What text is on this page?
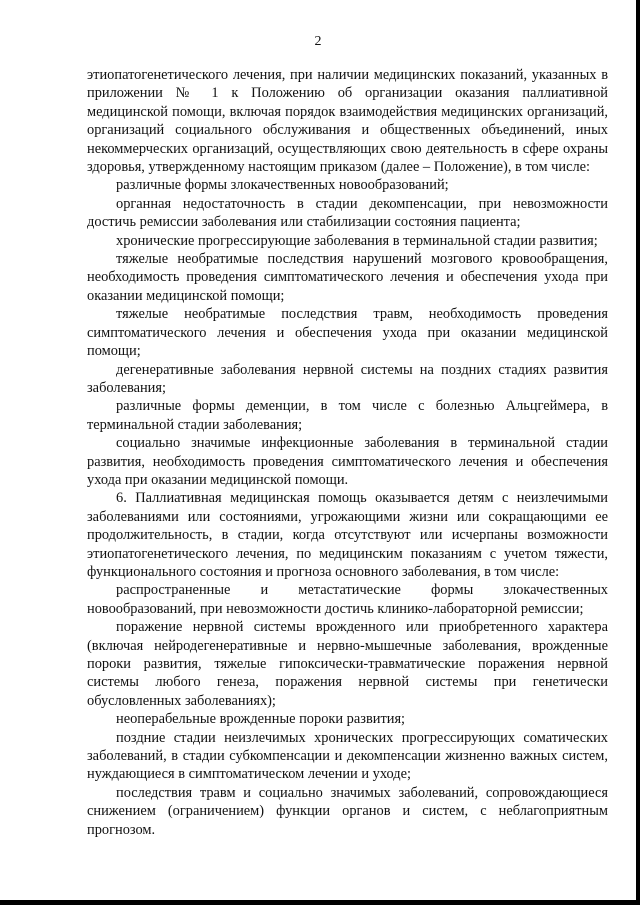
2

этиопатогенетического лечения, при наличии медицинских показаний, указанных в приложении № 1 к Положению об организации оказания паллиативной медицинской помощи, включая порядок взаимодействия медицинских организаций, организаций социального обслуживания и общественных объединений, иных некоммерческих организаций, осуществляющих свою деятельность в сфере охраны здоровья, утвержденному настоящим приказом (далее – Положение), в том числе:

различные формы злокачественных новообразований;

органная недостаточность в стадии декомпенсации, при невозможности достичь ремиссии заболевания или стабилизации состояния пациента;

хронические прогрессирующие заболевания в терминальной стадии развития;

тяжелые необратимые последствия нарушений мозгового кровообращения, необходимость проведения симптоматического лечения и обеспечения ухода при оказании медицинской помощи;

тяжелые необратимые последствия травм, необходимость проведения симптоматического лечения и обеспечения ухода при оказании медицинской помощи;

дегенеративные заболевания нервной системы на поздних стадиях развития заболевания;

различные формы деменции, в том числе с болезнью Альцгеймера, в терминальной стадии заболевания;

социально значимые инфекционные заболевания в терминальной стадии развития, необходимость проведения симптоматического лечения и обеспечения ухода при оказании медицинской помощи.

6. Паллиативная медицинская помощь оказывается детям с неизлечимыми заболеваниями или состояниями, угрожающими жизни или сокращающими ее продолжительность, в стадии, когда отсутствуют или исчерпаны возможности этиопатогенетического лечения, по медицинским показаниям с учетом тяжести, функционального состояния и прогноза основного заболевания, в том числе:

распространенные и метастатические формы злокачественных новообразований, при невозможности достичь клинико-лабораторной ремиссии;

поражение нервной системы врожденного или приобретенного характера (включая нейродегенеративные и нервно-мышечные заболевания, врожденные пороки развития, тяжелые гипоксически-травматические поражения нервной системы любого генеза, поражения нервной системы при генетически обусловленных заболеваниях);

неоперабельные врожденные пороки развития;

поздние стадии неизлечимых хронических прогрессирующих соматических заболеваний, в стадии субкомпенсации и декомпенсации жизненно важных систем, нуждающиеся в симптоматическом лечении и уходе;

последствия травм и социально значимых заболеваний, сопровождающиеся снижением (ограничением) функции органов и систем, с неблагоприятным прогнозом.
